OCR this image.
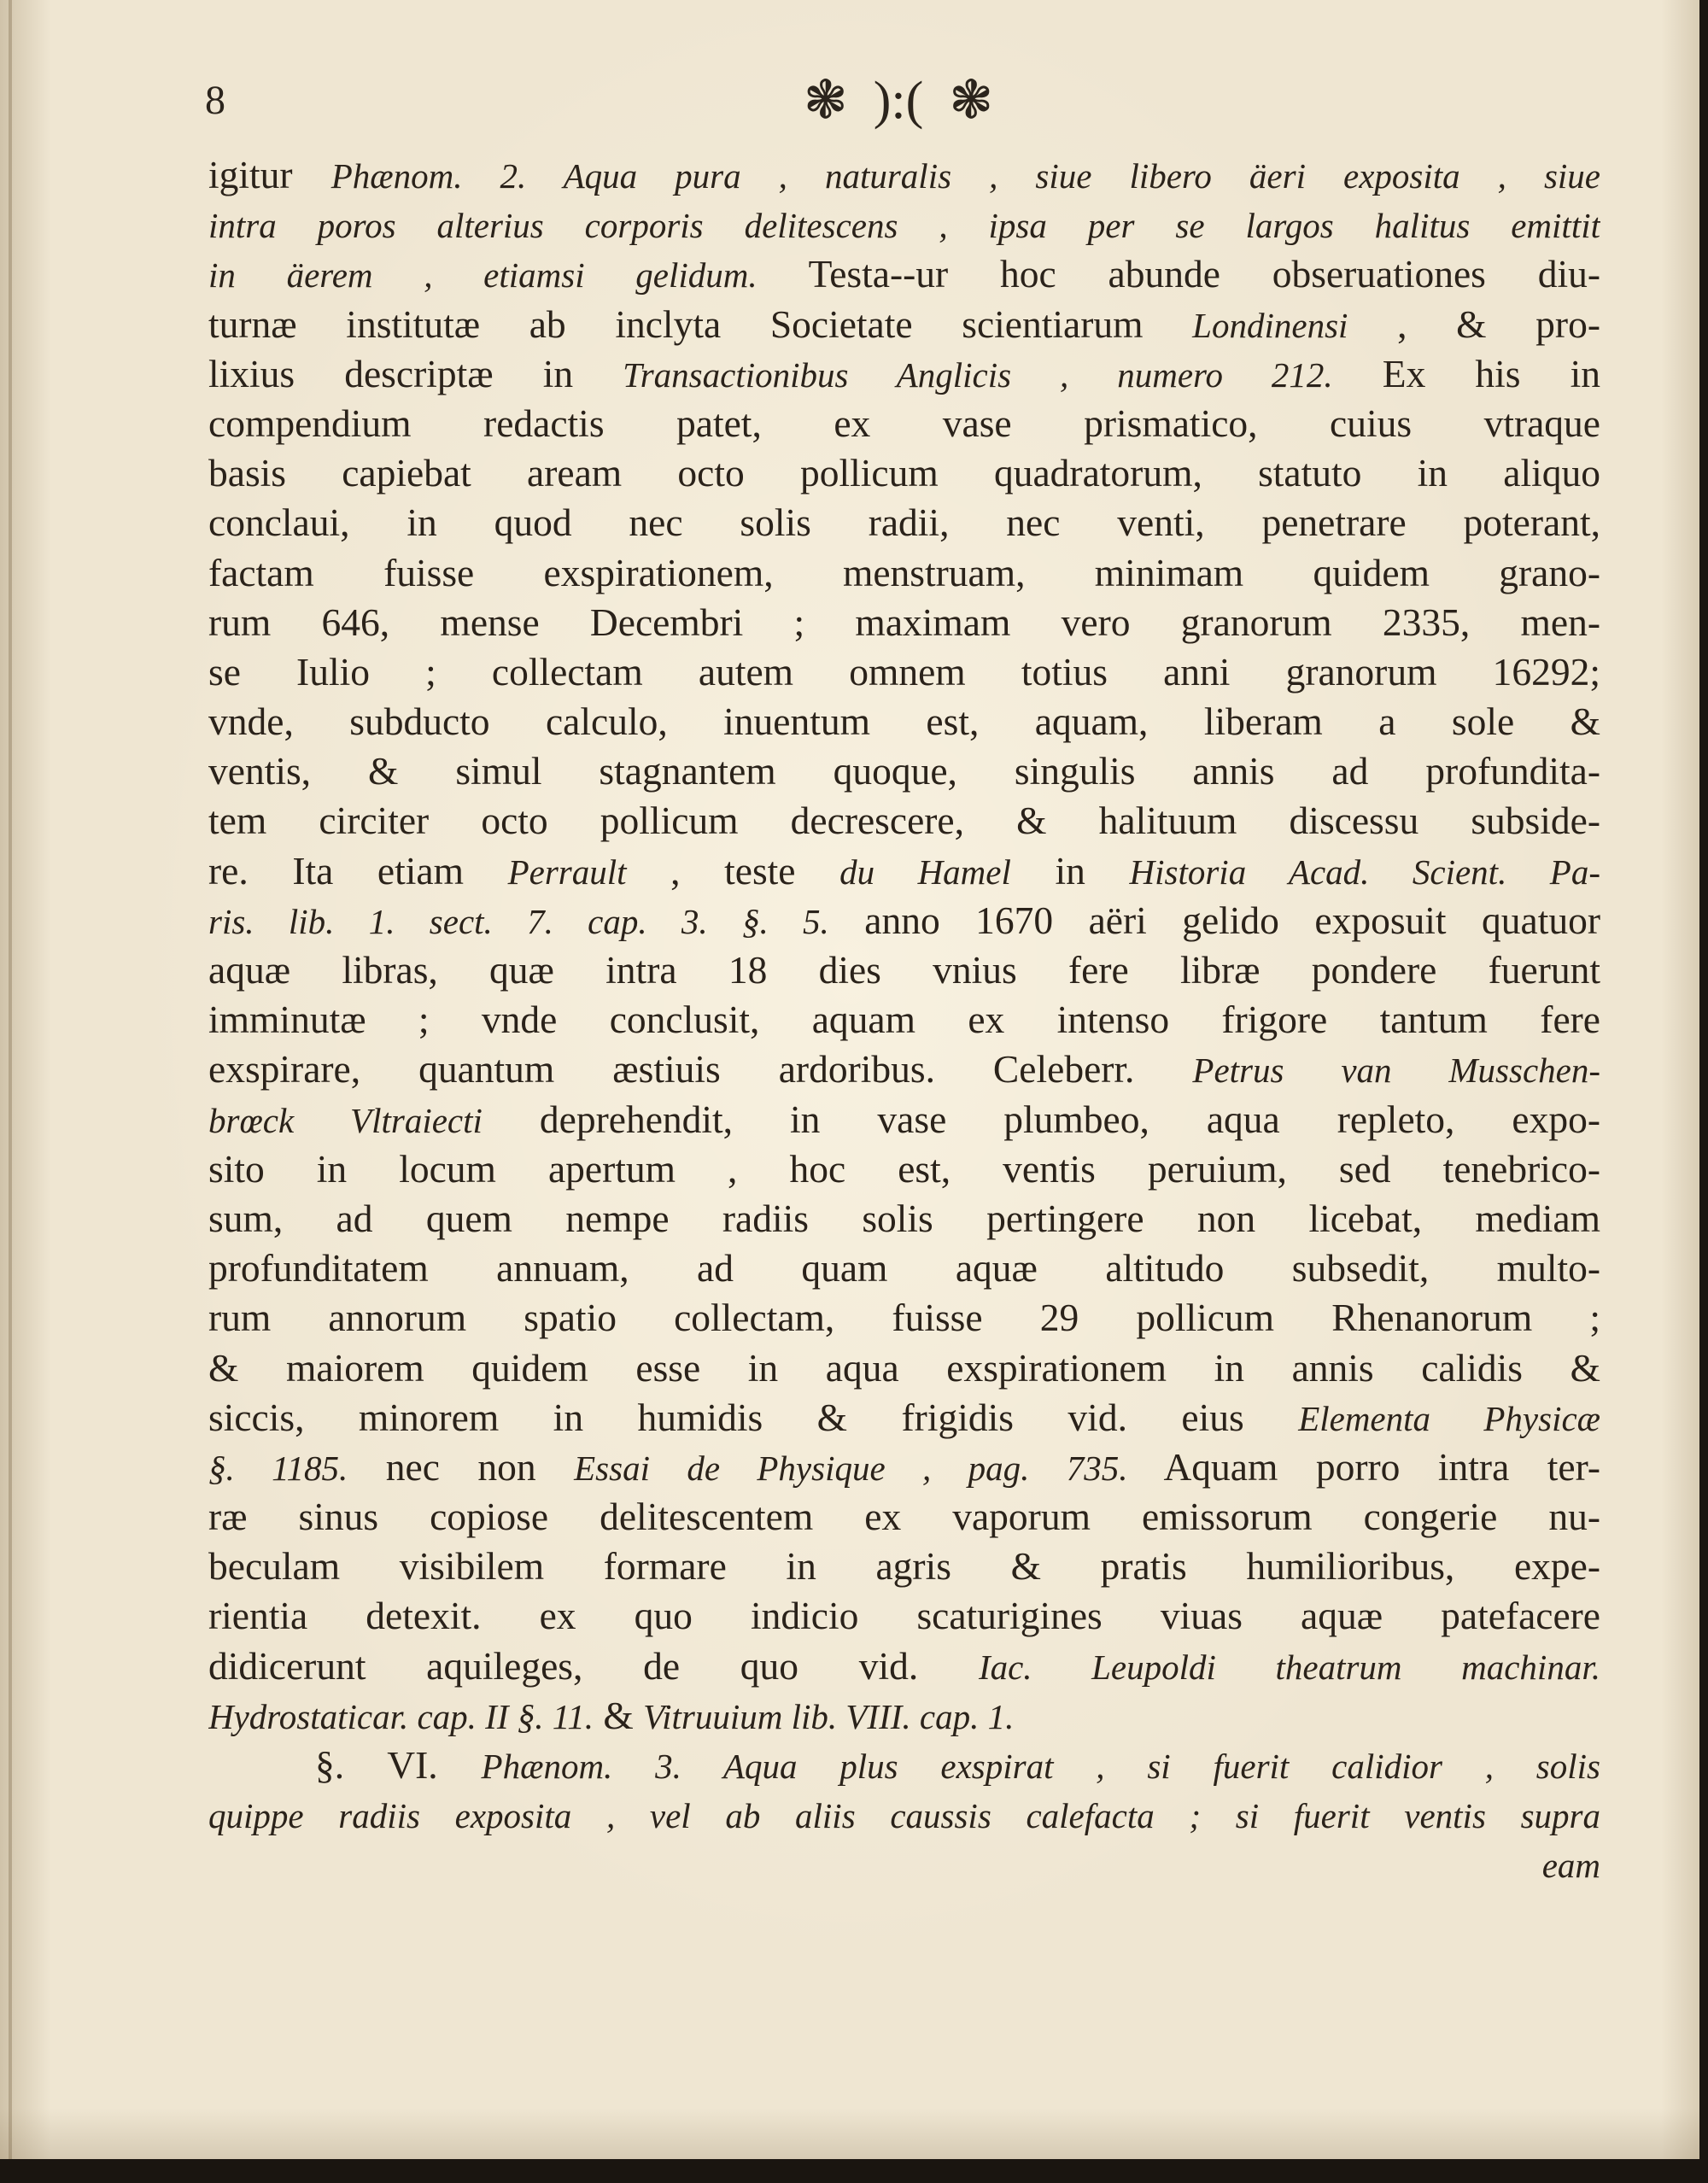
8	❃ ):( ❃
igitur Phænom. 2. Aqua pura , naturalis , siue libero äeri exposita , siue
intra poros alterius corporis delitescens , ipsa per se largos halitus emittit
in äerem , etiamsi gelidum. Testa‑‑ur hoc abunde obseruationes diu-
turnæ institutæ ab inclyta Societate scientiarum Londinensi , & pro-
lixius descriptæ in Transactionibus Anglicis , numero 212. Ex his in
compendium redactis patet, ex vase prismatico, cuius vtraque
basis capiebat aream octo pollicum quadratorum, statuto in aliquo
conclaui, in quod nec solis radii, nec venti, penetrare poterant,
factam fuisse exspirationem, menstruam, minimam quidem grano-
rum 646, mense Decembri ; maximam vero granorum 2335, men-
se Iulio ; collectam autem omnem totius anni granorum 16292;
vnde, subducto calculo, inuentum est, aquam, liberam a sole &
ventis, & simul stagnantem quoque, singulis annis ad profundita-
tem circiter octo pollicum decrescere, & halituum discessu subside-
re. Ita etiam Perrault , teste du Hamel in Historia Acad. Scient. Pa-
ris. lib. 1. sect. 7. cap. 3. §. 5. anno 1670 aëri gelido exposuit quatuor
aquæ libras, quæ intra 18 dies vnius fere libræ pondere fuerunt
imminutæ ; vnde conclusit, aquam ex intenso frigore tantum fere
exspirare, quantum æstiuis ardoribus. Celeberr. Petrus van Musschen-
brœck Vltraiecti deprehendit, in vase plumbeo, aqua repleto, expo-
sito in locum apertum , hoc est, ventis peruium, sed tenebrico-
sum, ad quem nempe radiis solis pertingere non licebat, mediam
profunditatem annuam, ad quam aquæ altitudo subsedit, multo-
rum annorum spatio collectam, fuisse 29 pollicum Rhenanorum ;
& maiorem quidem esse in aqua exspirationem in annis calidis &
siccis, minorem in humidis & frigidis vid. eius Elementa Physicæ
§. 1185. nec non Essai de Physique , pag. 735. Aquam porro intra ter-
ræ sinus copiose delitescentem ex vaporum emissorum congerie nu-
beculam visibilem formare in agris & pratis humilioribus, expe-
rientia detexit. ex quo indicio scaturigines viuas aquæ patefacere
didicerunt aquileges, de quo vid. Iac. Leupoldi theatrum machinar.
Hydrostaticar. cap. II §. 11. & Vitruuium lib. VIII. cap. 1.
§. VI. Phænom. 3. Aqua plus exspirat , si fuerit calidior , solis
quippe radiis exposita , vel ab aliis caussis calefacta ; si fuerit ventis supra
eam
